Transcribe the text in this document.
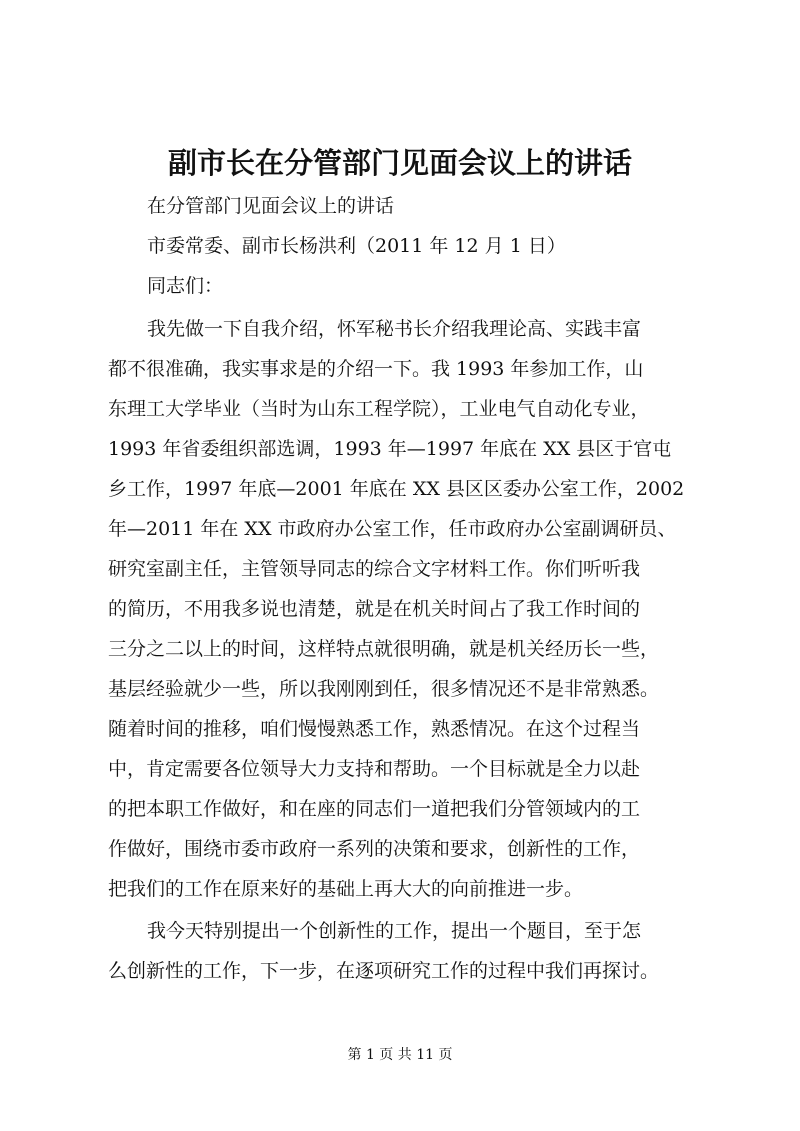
副市长在分管部门见面会议上的讲话
在分管部门见面会议上的讲话
市委常委、副市长杨洪利（2011 年 12 月 1 日）
同志们：
我先做一下自我介绍，怀军秘书长介绍我理论高、实践丰富
都不很准确，我实事求是的介绍一下。我 1993 年参加工作，山
东理工大学毕业（当时为山东工程学院），工业电气自动化专业，
1993 年省委组织部选调，1993 年—1997 年底在 XX 县区于官屯
乡工作，1997 年底—2001 年底在 XX 县区区委办公室工作，2002
年—2011 年在 XX 市政府办公室工作，任市政府办公室副调研员、
研究室副主任，主管领导同志的综合文字材料工作。你们听听我
的简历，不用我多说也清楚，就是在机关时间占了我工作时间的
三分之二以上的时间，这样特点就很明确，就是机关经历长一些，
基层经验就少一些，所以我刚刚到任，很多情况还不是非常熟悉。
随着时间的推移，咱们慢慢熟悉工作，熟悉情况。在这个过程当
中，肯定需要各位领导大力支持和帮助。一个目标就是全力以赴
的把本职工作做好，和在座的同志们一道把我们分管领域内的工
作做好，围绕市委市政府一系列的决策和要求，创新性的工作，
把我们的工作在原来好的基础上再大大的向前推进一步。
我今天特别提出一个创新性的工作，提出一个题目，至于怎
么创新性的工作，下一步，在逐项研究工作的过程中我们再探讨。
第 1 页 共 11 页
